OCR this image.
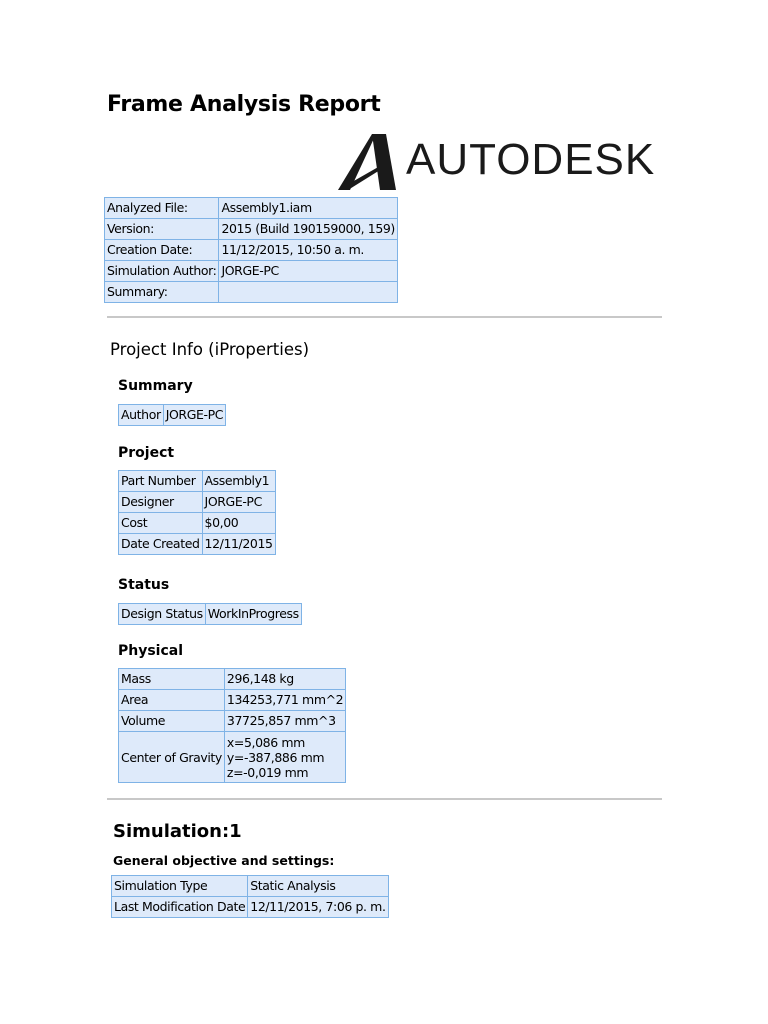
Frame Analysis Report
AUTODESK
Analyzed File:	Assembly1.iam
Version:	2015 (Build 190159000, 159)
Creation Date:	11/12/2015, 10:50 a. m.
Simulation Author:	JORGE-PC
Summary:	
Project Info (iProperties)
Summary
Author	JORGE-PC
Project
Part Number	Assembly1
Designer	JORGE-PC
Cost	$0,00
Date Created	12/11/2015
Status
Design Status	WorkInProgress
Physical
Mass	296,148 kg
Area	134253,771 mm^2
Volume	37725,857 mm^3
Center of Gravity	x=5,086 mm
y=-387,886 mm
z=-0,019 mm
Simulation:1
General objective and settings:
Simulation Type	Static Analysis
Last Modification Date	12/11/2015, 7:06 p. m.
